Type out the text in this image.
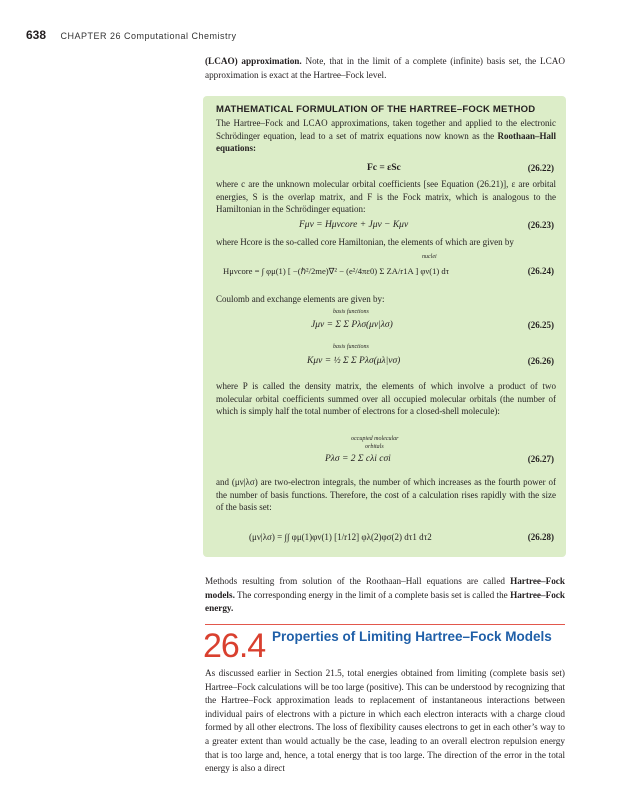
638 CHAPTER 26 Computational Chemistry
(LCAO) approximation. Note, that in the limit of a complete (infinite) basis set, the LCAO approximation is exact at the Hartree–Fock level.
MATHEMATICAL FORMULATION OF THE HARTREE–FOCK METHOD
The Hartree–Fock and LCAO approximations, taken together and applied to the electronic Schrödinger equation, lead to a set of matrix equations now known as the Roothaan–Hall equations:
Fc = εSc	(26.22)
where c are the unknown molecular orbital coefficients [see Equation (26.21)], ε are orbital energies, S is the overlap matrix, and F is the Fock matrix, which is analogous to the Hamiltonian in the Schrödinger equation:
Fμν = Hμνcore + Jμν − Kμν	(26.23)
where Hcore is the so-called core Hamiltonian, the elements of which are given by
nuclei
Hμνcore = ∫ φμ(1) [ −(ℏ²/2me)∇² − (e²/4πε0) Σ ZA/r1A ] φν(1) dτ	(26.24)
Coulomb and exchange elements are given by:
basis functions
Jμν = Σ Σ Pλσ(μν|λσ)	(26.25)
basis functions
Kμν = ½ Σ Σ Pλσ(μλ|νσ)	(26.26)
where P is called the density matrix, the elements of which involve a product of two molecular orbital coefficients summed over all occupied molecular orbitals (the number of which is simply half the total number of electrons for a closed-shell molecule):
occupied molecular
orbitals
Pλσ = 2 Σ cλi cσi	(26.27)
and (μν|λσ) are two-electron integrals, the number of which increases as the fourth power of the number of basis functions. Therefore, the cost of a calculation rises rapidly with the size of the basis set:
(μν|λσ) = ∫∫ φμ(1)φν(1) [1/r12] φλ(2)φσ(2) dτ1 dτ2	(26.28)
Methods resulting from solution of the Roothaan–Hall equations are called Hartree–Fock models. The corresponding energy in the limit of a complete basis set is called the Hartree–Fock energy.
26.4 Properties of Limiting Hartree–Fock Models
As discussed earlier in Section 21.5, total energies obtained from limiting (complete basis set) Hartree–Fock calculations will be too large (positive). This can be understood by recognizing that the Hartree–Fock approximation leads to replacement of instantaneous interactions between individual pairs of electrons with a picture in which each electron interacts with a charge cloud formed by all other electrons. The loss of flexibility causes electrons to get in each other’s way to a greater extent than would actually be the case, leading to an overall electron repulsion energy that is too large and, hence, a total energy that is too large. The direction of the error in the total energy is also a direct
